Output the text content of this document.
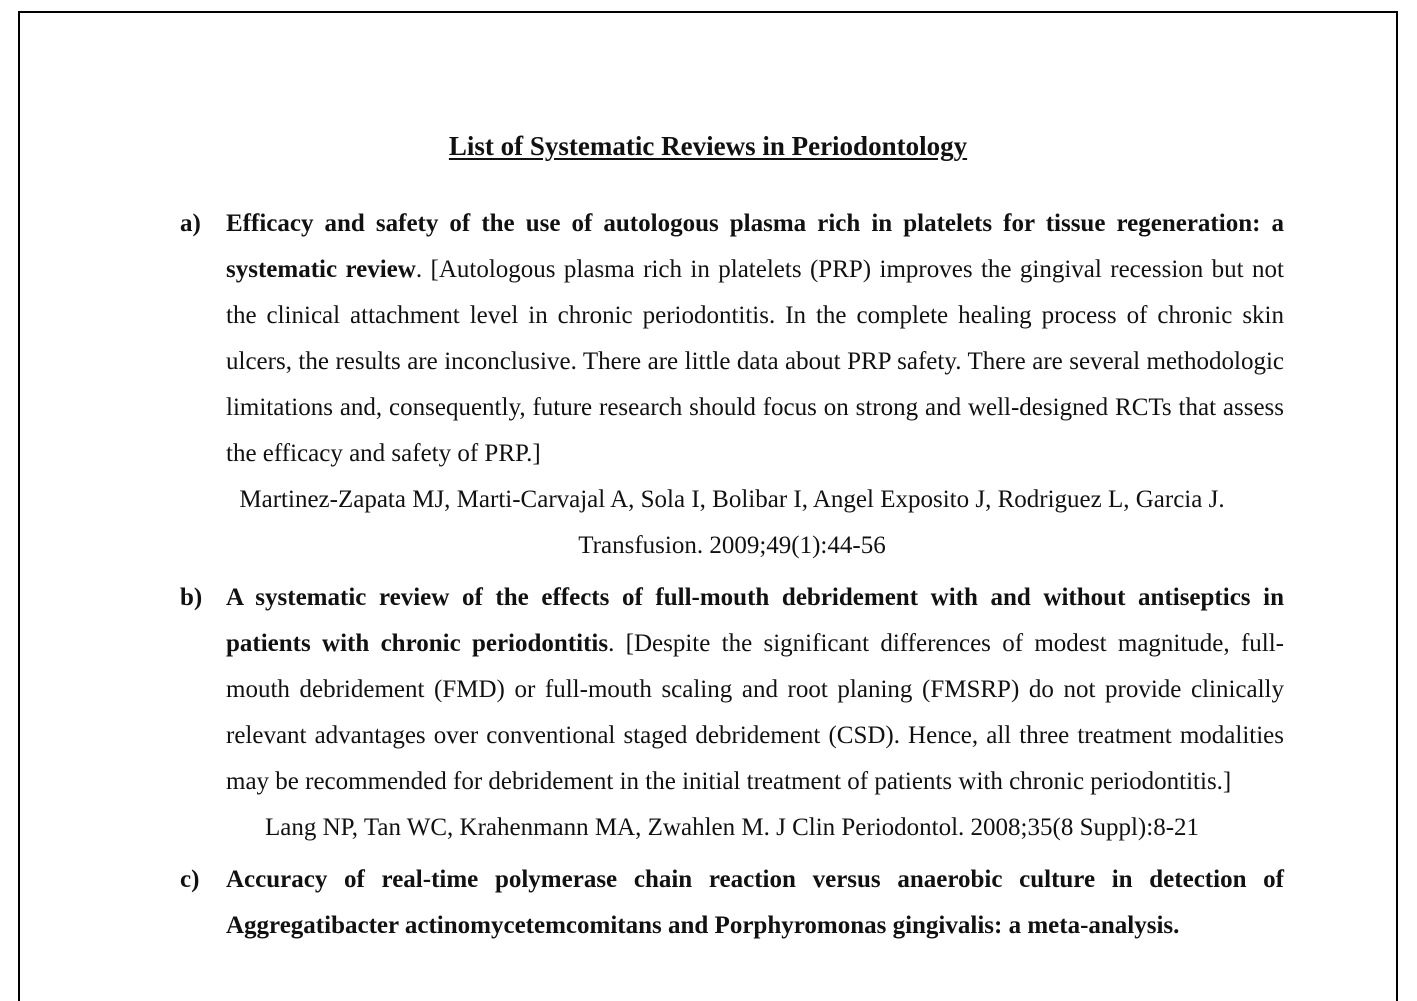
List of Systematic Reviews in Periodontology
a) Efficacy and safety of the use of autologous plasma rich in platelets for tissue regeneration: a systematic review. [Autologous plasma rich in platelets (PRP) improves the gingival recession but not the clinical attachment level in chronic periodontitis. In the complete healing process of chronic skin ulcers, the results are inconclusive. There are little data about PRP safety. There are several methodologic limitations and, consequently, future research should focus on strong and well-designed RCTs that assess the efficacy and safety of PRP.]
Martinez-Zapata MJ, Marti-Carvajal A, Sola I, Bolibar I, Angel Exposito J, Rodriguez L, Garcia J. Transfusion. 2009;49(1):44-56
b) A systematic review of the effects of full-mouth debridement with and without antiseptics in patients with chronic periodontitis. [Despite the significant differences of modest magnitude, full-mouth debridement (FMD) or full-mouth scaling and root planing (FMSRP) do not provide clinically relevant advantages over conventional staged debridement (CSD). Hence, all three treatment modalities may be recommended for debridement in the initial treatment of patients with chronic periodontitis.]
Lang NP, Tan WC, Krahenmann MA, Zwahlen M. J Clin Periodontol. 2008;35(8 Suppl):8-21
c) Accuracy of real-time polymerase chain reaction versus anaerobic culture in detection of Aggregatibacter actinomycetemcomitans and Porphyromonas gingivalis: a meta-analysis.
